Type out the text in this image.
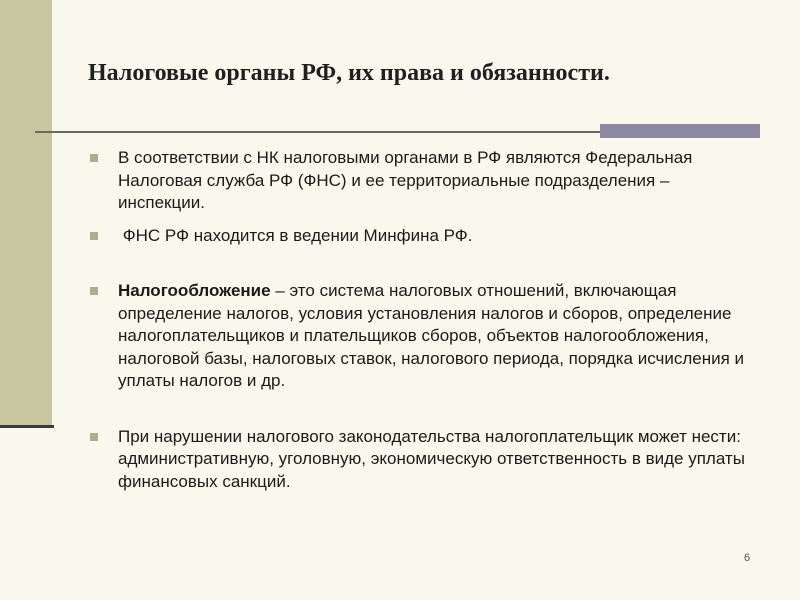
Налоговые органы РФ, их права и обязанности.
В соответствии с НК налоговыми органами в РФ являются Федеральная Налоговая служба РФ (ФНС) и ее территориальные подразделения – инспекции.
ФНС РФ находится в ведении Минфина РФ.
Налогообложение – это система налоговых отношений, включающая определение налогов, условия установления налогов и сборов, определение налогоплательщиков и плательщиков сборов, объектов налогообложения, налоговой базы, налоговых ставок, налогового периода, порядка исчисления и уплаты налогов и др.
При нарушении налогового законодательства налогоплательщик может нести: административную, уголовную, экономическую ответственность в виде уплаты финансовых санкций.
6
